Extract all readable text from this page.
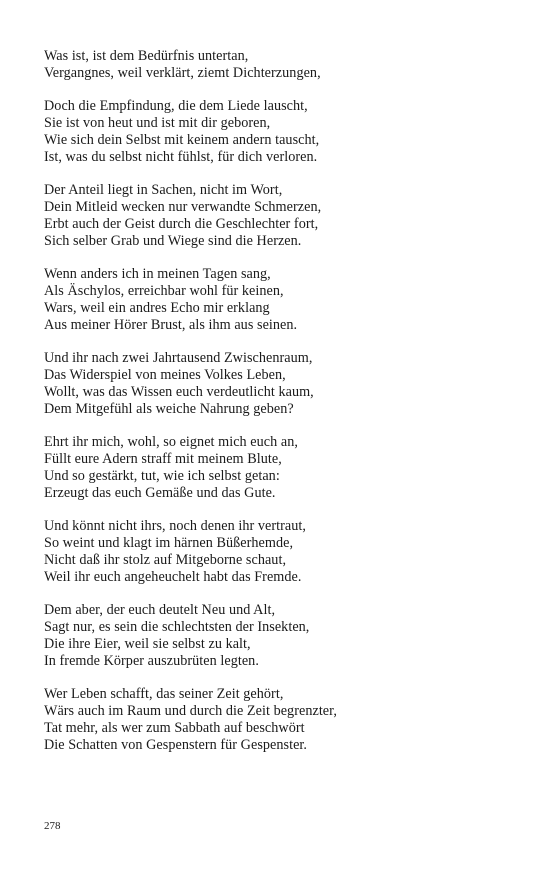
Was ist, ist dem Bedürfnis untertan,
Vergangnes, weil verklärt, ziemt Dichterzungen,
Doch die Empfindung, die dem Liede lauscht,
Sie ist von heut und ist mit dir geboren,
Wie sich dein Selbst mit keinem andern tauscht,
Ist, was du selbst nicht fühlst, für dich verloren.
Der Anteil liegt in Sachen, nicht im Wort,
Dein Mitleid wecken nur verwandte Schmerzen,
Erbt auch der Geist durch die Geschlechter fort,
Sich selber Grab und Wiege sind die Herzen.
Wenn anders ich in meinen Tagen sang,
Als Äschylos, erreichbar wohl für keinen,
Wars, weil ein andres Echo mir erklang
Aus meiner Hörer Brust, als ihm aus seinen.
Und ihr nach zwei Jahrtausend Zwischenraum,
Das Widerspiel von meines Volkes Leben,
Wollt, was das Wissen euch verdeutlicht kaum,
Dem Mitgefühl als weiche Nahrung geben?
Ehrt ihr mich, wohl, so eignet mich euch an,
Füllt eure Adern straff mit meinem Blute,
Und so gestärkt, tut, wie ich selbst getan:
Erzeugt das euch Gemäße und das Gute.
Und könnt nicht ihrs, noch denen ihr vertraut,
So weint und klagt im härnen Büßerhemde,
Nicht daß ihr stolz auf Mitgeborne schaut,
Weil ihr euch angeheuchelt habt das Fremde.
Dem aber, der euch deutelt Neu und Alt,
Sagt nur, es sein die schlechtsten der Insekten,
Die ihre Eier, weil sie selbst zu kalt,
In fremde Körper auszubrüten legten.
Wer Leben schafft, das seiner Zeit gehört,
Wärs auch im Raum und durch die Zeit begrenzter,
Tat mehr, als wer zum Sabbath auf beschwört
Die Schatten von Gespenstern für Gespenster.
278
